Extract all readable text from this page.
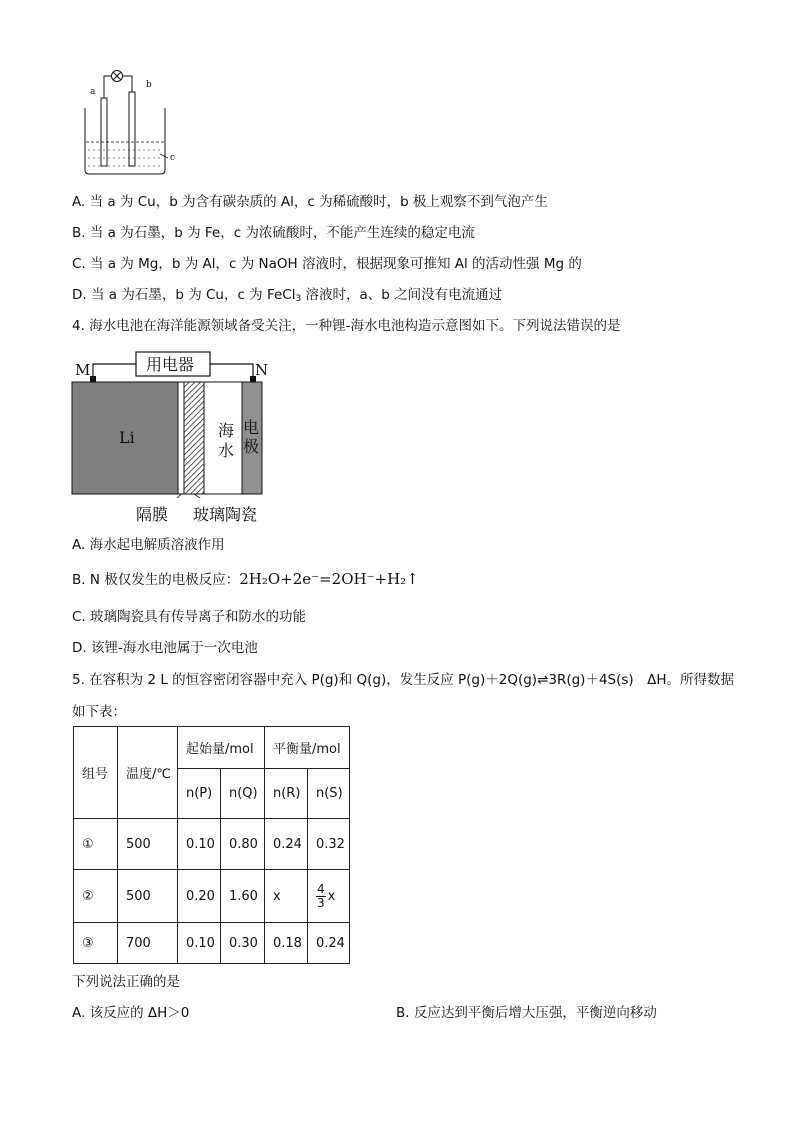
a
b
c
A. 当 a 为 Cu，b 为含有碳杂质的 Al，c 为稀硫酸时，b 极上观察不到气泡产生
B. 当 a 为石墨，b 为 Fe，c 为浓硫酸时，不能产生连续的稳定电流
C. 当 a 为 Mg，b 为 Al，c 为 NaOH 溶液时，根据现象可推知 Al 的活动性强 Mg 的
D. 当 a 为石墨，b 为 Cu，c 为 FeCl$_3$ 溶液时，a、b 之间没有电流通过
4. 海水电池在海洋能源领域备受关注，一种锂-海水电池构造示意图如下。下列说法错误的是
用电器
M	N
Li	海
水
电
极
隔膜 玻璃陶瓷
A. 海水起电解质溶液作用
B. N 极仅发生的电极反应：2H₂O+2e⁻=2OH⁻+H₂↑
C. 玻璃陶瓷具有传导离子和防水的功能
D. 该锂-海水电池属于一次电池
5. 在容积为 2 L 的恒容密闭容器中充入 P(g)和 Q(g)，发生反应 P(g)＋2Q(g)⇌3R(g)＋4S(s)　ΔH。所得数据
如下表：
组号	温度/℃	起始量/mol		平衡量/mol	

		n(P)	n(Q)	n(R)	n(S)

①	500	0.10	0.80	0.24	0.32

②	500	0.20	1.60	x	$\frac{4}{3}$ x

③	700	0.10	0.30	0.18	0.24
下列说法正确的是
A. 该反应的 ΔH＞0	B. 反应达到平衡后增大压强，平衡逆向移动
